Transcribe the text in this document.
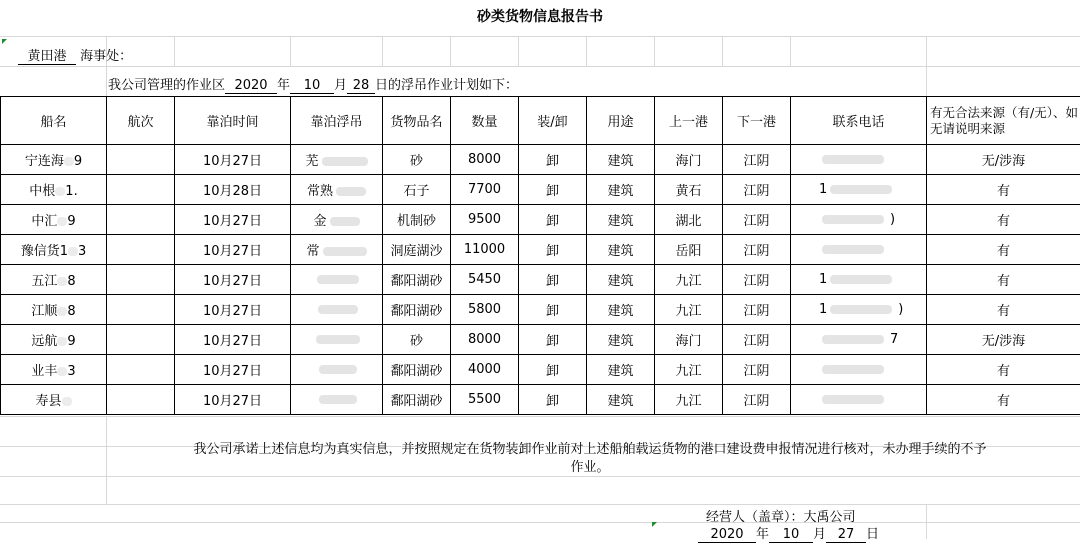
砂类货物信息报告书
黄田港 海事处：
我公司管理的作业区 2020 年 10 月 28 日的浮吊作业计划如下：
船名	航次	靠泊时间	靠泊浮吊	货物品名	数量	装/卸	用途	上一港	下一港	联系电话	有无合法来源（有/无）、如无请说明来源
宁连海 9		10月27日	芜	砂	8000	卸	建筑	海门	江阴		无/涉海
中根 1.		10月28日	常熟	石子	7700	卸	建筑	黄石	江阴	1	有
中汇 9		10月27日	金	机制砂	9500	卸	建筑	湖北	江阴	)	有
豫信货1 3		10月27日	常	洞庭湖沙	11000	卸	建筑	岳阳	江阴		有
五江 8		10月27日		鄱阳湖砂	5450	卸	建筑	九江	江阴	1	有
江顺 8		10月27日		鄱阳湖砂	5800	卸	建筑	九江	江阴	1 )	有
远航 9		10月27日		砂	8000	卸	建筑	海门	江阴	7	无/涉海
业丰 3		10月27日		鄱阳湖砂	4000	卸	建筑	九江	江阴		有
寿县		10月27日		鄱阳湖砂	5500	卸	建筑	九江	江阴		有
我公司承诺上述信息均为真实信息，并按照规定在货物装卸作业前对上述船舶载运货物的港口建设费申报情况进行核对，未办理手续的不予作业。
经营人（盖章）：大禹公司
2020 年 10 月 27 日
